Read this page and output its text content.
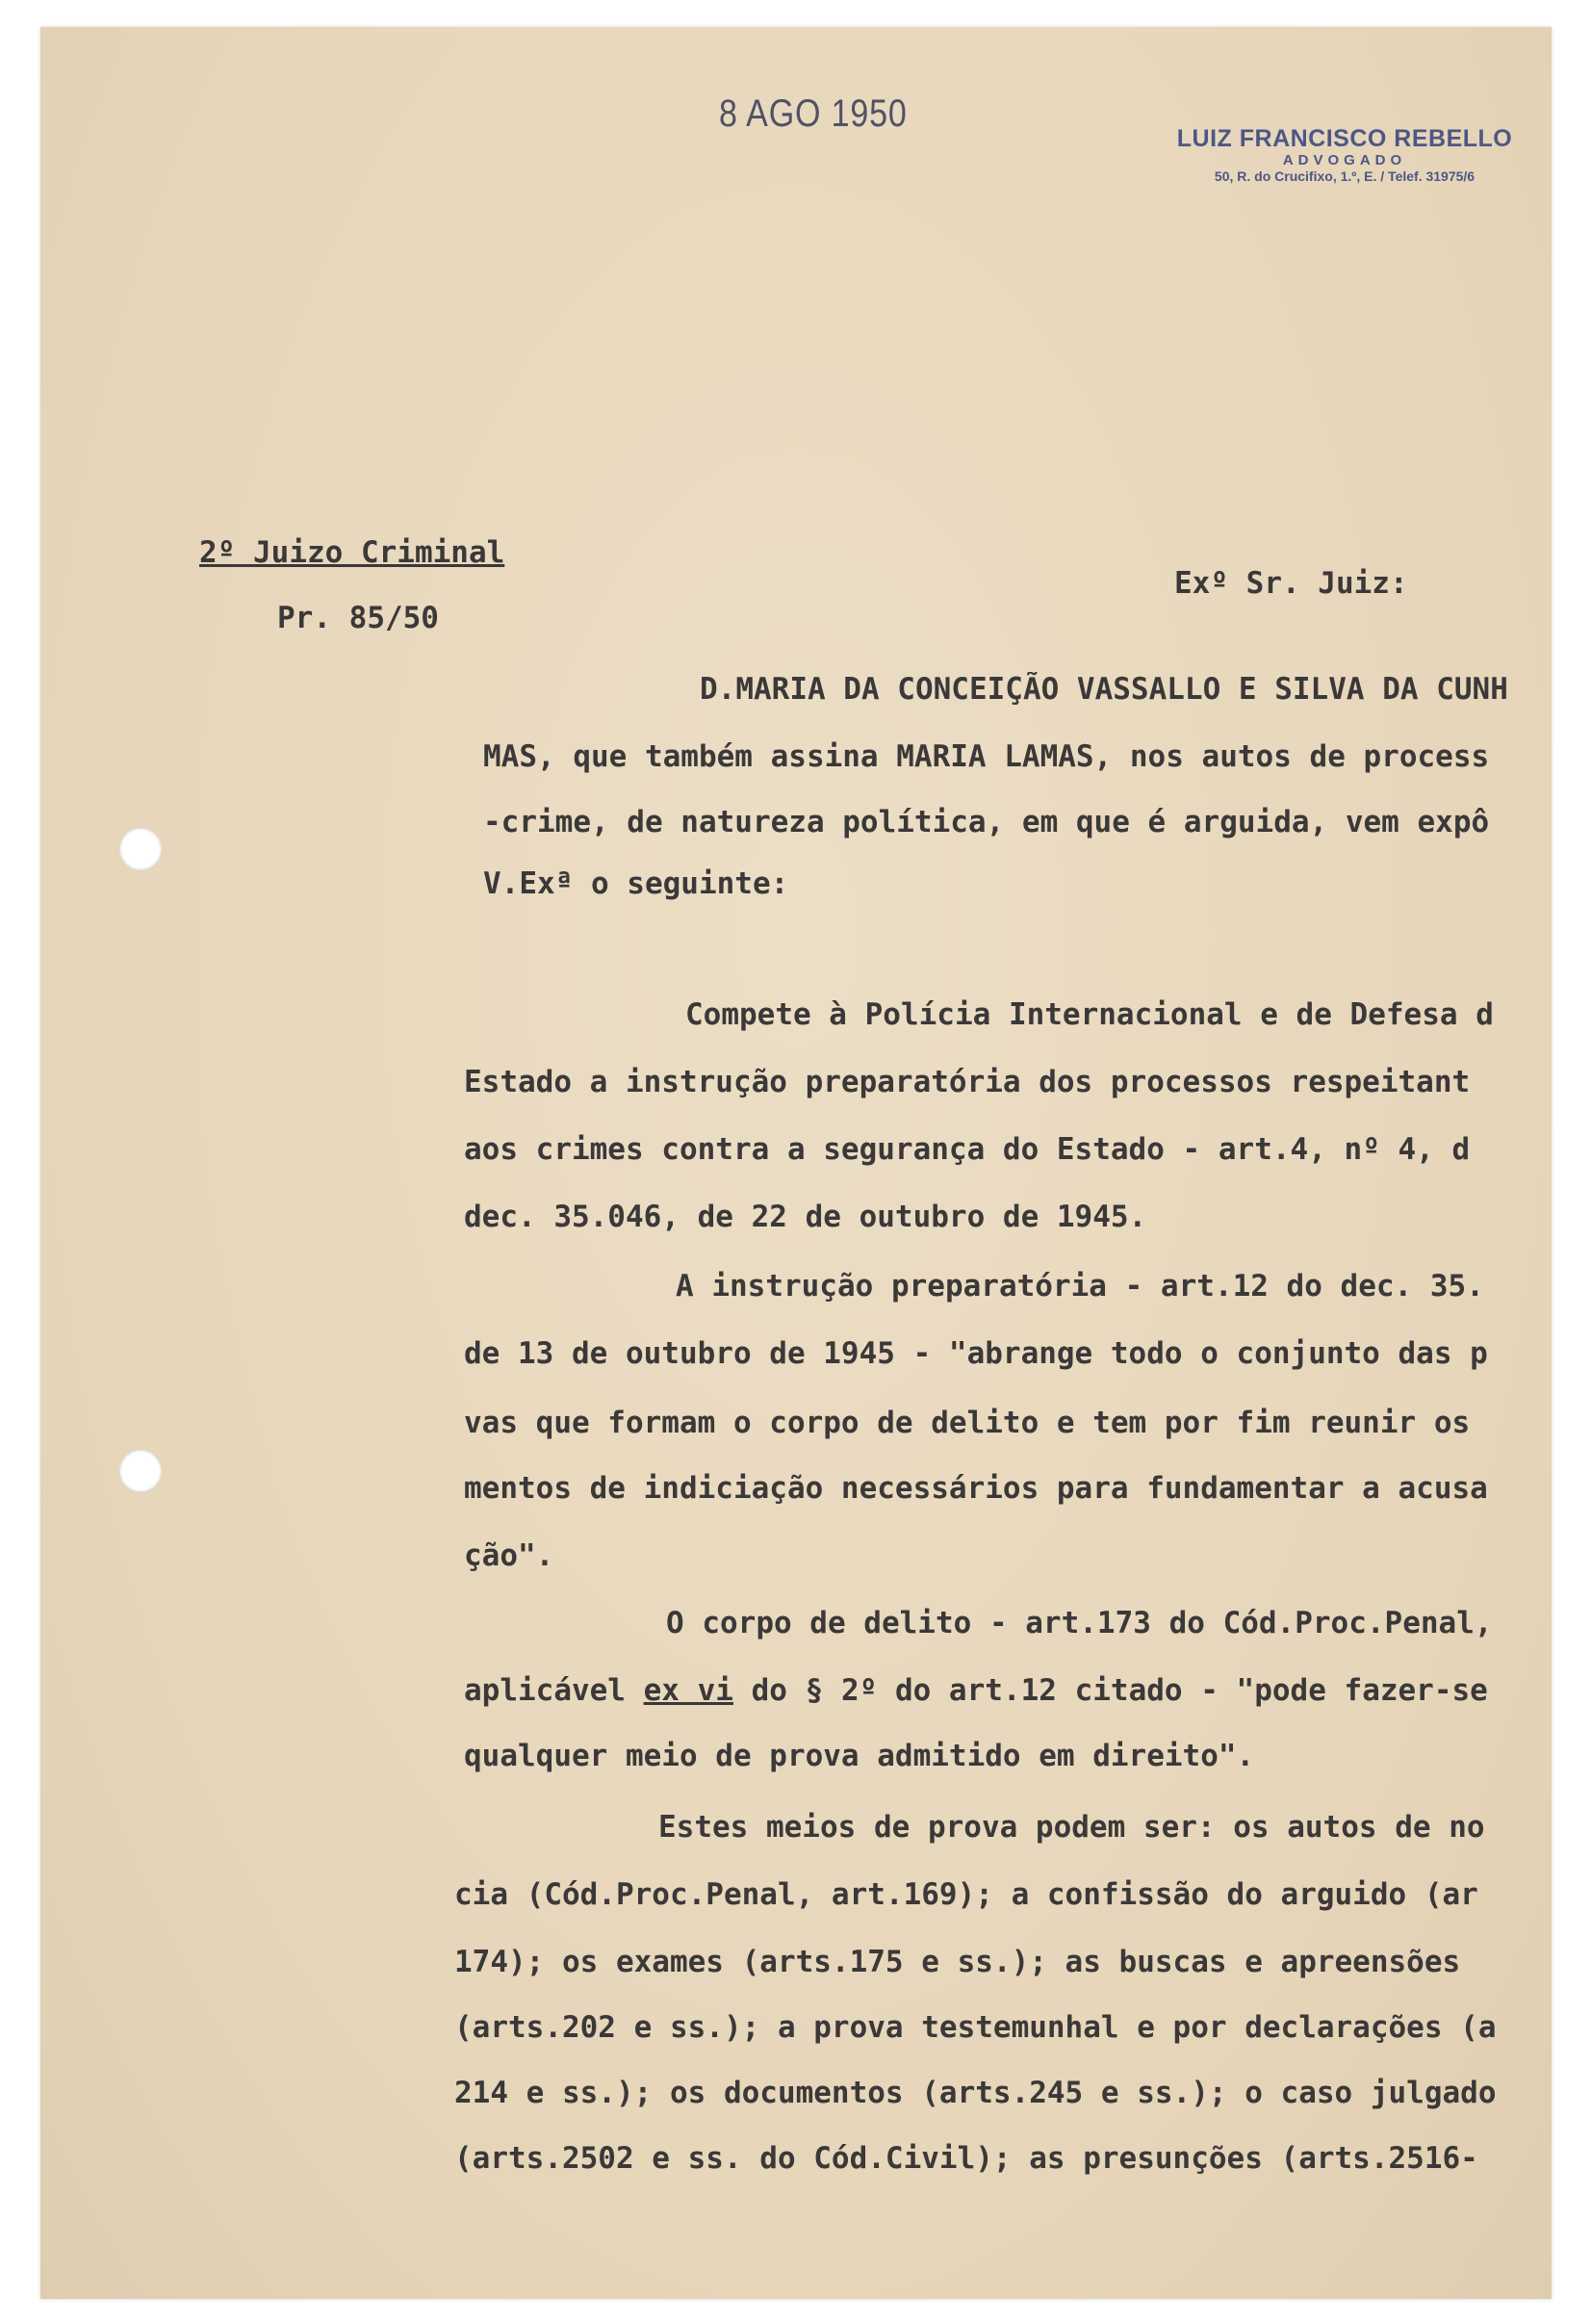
8 AGO 1950
LUIZ FRANCISCO REBELLO
ADVOGADO
50, R. do Crucifixo, 1.º, E. / Telef. 31975/6
2º Juizo Criminal
Pr. 85/50
Exº Sr. Juiz:
D.MARIA DA CONCEIÇÃO VASSALLO E SILVA DA CUNH
MAS, que também assina MARIA LAMAS, nos autos de process
-crime, de natureza política, em que é arguida, vem expô
V.Exª o seguinte:
Compete à Polícia Internacional e de Defesa d
Estado a instrução preparatória dos processos respeitant
aos crimes contra a segurança do Estado - art.4, nº 4, d
dec. 35.046, de 22 de outubro de 1945.
A instrução preparatória - art.12 do dec. 35.
de 13 de outubro de 1945 - "abrange todo o conjunto das p
vas que formam o corpo de delito e tem por fim reunir os
mentos de indiciação necessários para fundamentar a acusa
ção".
O corpo de delito - art.173 do Cód.Proc.Penal,
aplicável ex vi do § 2º do art.12 citado - "pode fazer-se
qualquer meio de prova admitido em direito".
Estes meios de prova podem ser: os autos de no
cia (Cód.Proc.Penal, art.169); a confissão do arguido (ar
174); os exames (arts.175 e ss.); as buscas e apreensões
(arts.202 e ss.); a prova testemunhal e por declarações (a
214 e ss.); os documentos (arts.245 e ss.); o caso julgado
(arts.2502 e ss. do Cód.Civil); as presunções (arts.2516-
